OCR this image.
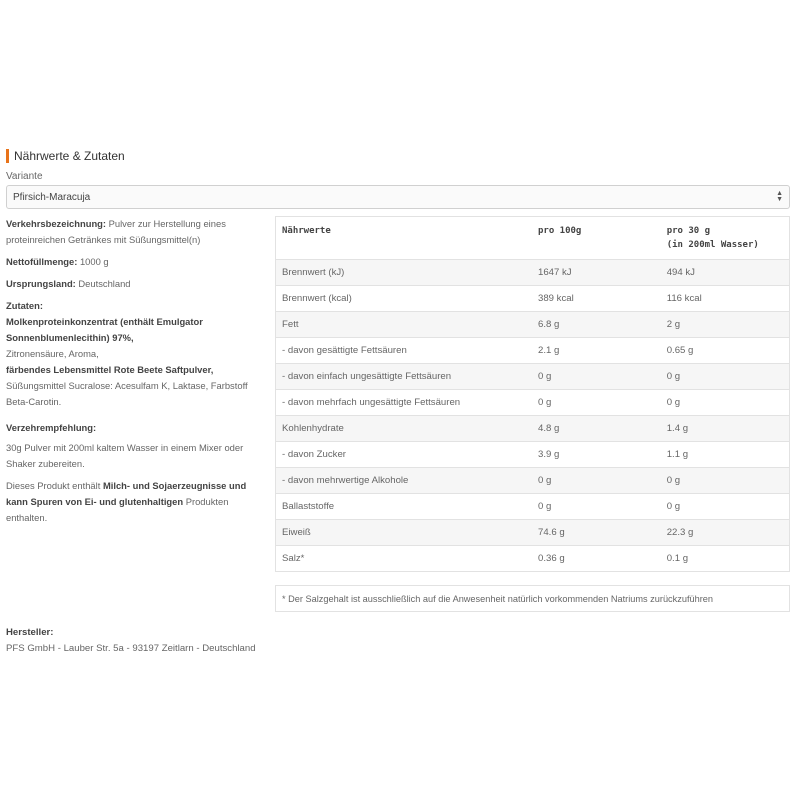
Nährwerte & Zutaten
Variante
Pfirsich-Maracuja	▲
▼
Verkehrsbezeichnung: Pulver zur Herstellung eines proteinreichen Getränkes mit Süßungsmittel(n)
Nettofüllmenge: 1000 g
Ursprungsland: Deutschland
Zutaten:
Molkenproteinkonzentrat (enthält Emulgator Sonnenblumenlecithin) 97%,
Zitronensäure, Aroma,
färbendes Lebensmittel Rote Beete Saftpulver,
Süßungsmittel Sucralose: Acesulfam K, Laktase, Farbstoff Beta-Carotin.
Verzehrempfehlung:
30g Pulver mit 200ml kaltem Wasser in einem Mixer oder Shaker zubereiten.
Dieses Produkt enthält Milch- und Sojaerzeugnisse und kann Spuren von Ei- und glutenhaltigen Produkten enthalten.
Nährwerte	pro 100g	pro 30 g
(in 200ml Wasser)
Brennwert (kJ)	1647 kJ	494 kJ
Brennwert (kcal)	389 kcal	116 kcal
Fett	6.8 g	2 g
- davon gesättigte Fettsäuren	2.1 g	0.65 g
- davon einfach ungesättigte Fettsäuren	0 g	0 g
- davon mehrfach ungesättigte Fettsäuren	0 g	0 g
Kohlenhydrate	4.8 g	1.4 g
- davon Zucker	3.9 g	1.1 g
- davon mehrwertige Alkohole	0 g	0 g
Ballaststoffe	0 g	0 g
Eiweiß	74.6 g	22.3 g
Salz*	0.36 g	0.1 g
* Der Salzgehalt ist ausschließlich auf die Anwesenheit natürlich vorkommenden Natriums zurückzuführen
Hersteller:
PFS GmbH - Lauber Str. 5a - 93197 Zeitlarn - Deutschland
